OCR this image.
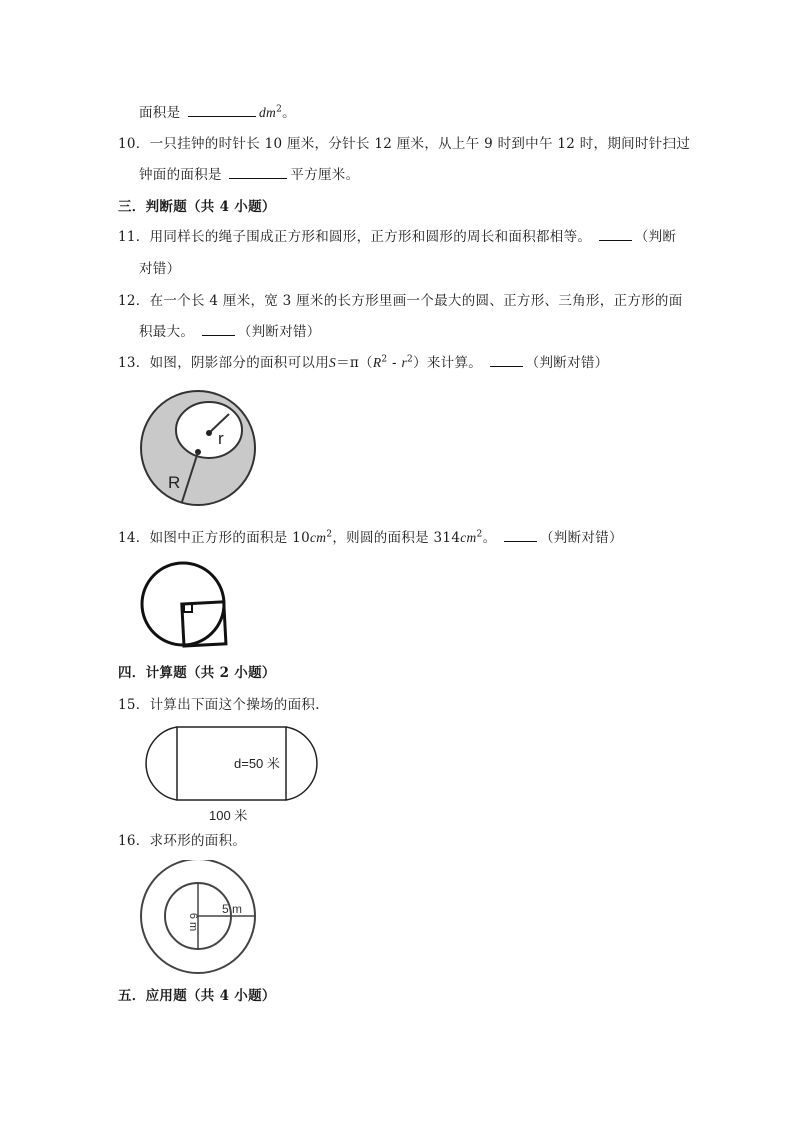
面积是	$dm^2$。
10．一只挂钟的时针长 10 厘米，分针长 12 厘米，从上午 9 时到中午 12 时，期间时针扫过
钟面的面积是	平方厘米。
三．判断题（共 4 小题）
11．用同样长的绳子围成正方形和圆形，正方形和圆形的周长和面积都相等。	（判断
对错）
12．在一个长 4 厘米，宽 3 厘米的长方形里画一个最大的圆、正方形、三角形，正方形的面
积最大。	（判断对错）
13．如图，阴影部分的面积可以用$S=\pi(R^2 - r^2)$来计算。	（判断对错）
r
R
14．如图中正方形的面积是 $10cm^2$，则圆的面积是 $314cm^2$。	（判断对错）
四．计算题（共 2 小题）
15．计算出下面这个操场的面积.
d=50 米
100 米
16．求环形的面积。
6 m
5 m
五．应用题（共 4 小题）
